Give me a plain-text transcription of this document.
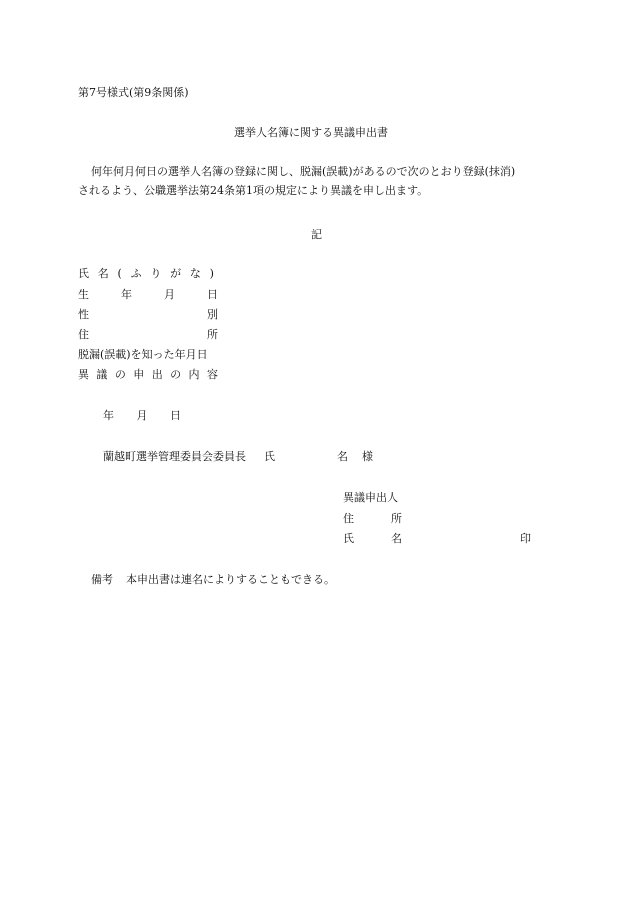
第7号様式(第9条関係)
選挙人名簿に関する異議申出書
何年何月何日の選挙人名簿の登録に関し、脱漏(誤載)があるので次のとおり登録(抹消)
されるよう、公職選挙法第24条第1項の規定により異議を申し出ます。
記
氏 名 ( ふ り が な )
生	年	月	日
性	別
住	所
脱漏(誤載)を知った年月日
異 議 の 申 出 の 内 容
年 月 日
蘭越町選挙管理委員会委員長 氏	名 様
異議申出人
住	所
氏	名	印
備考 本申出書は連名によりすることもできる。
